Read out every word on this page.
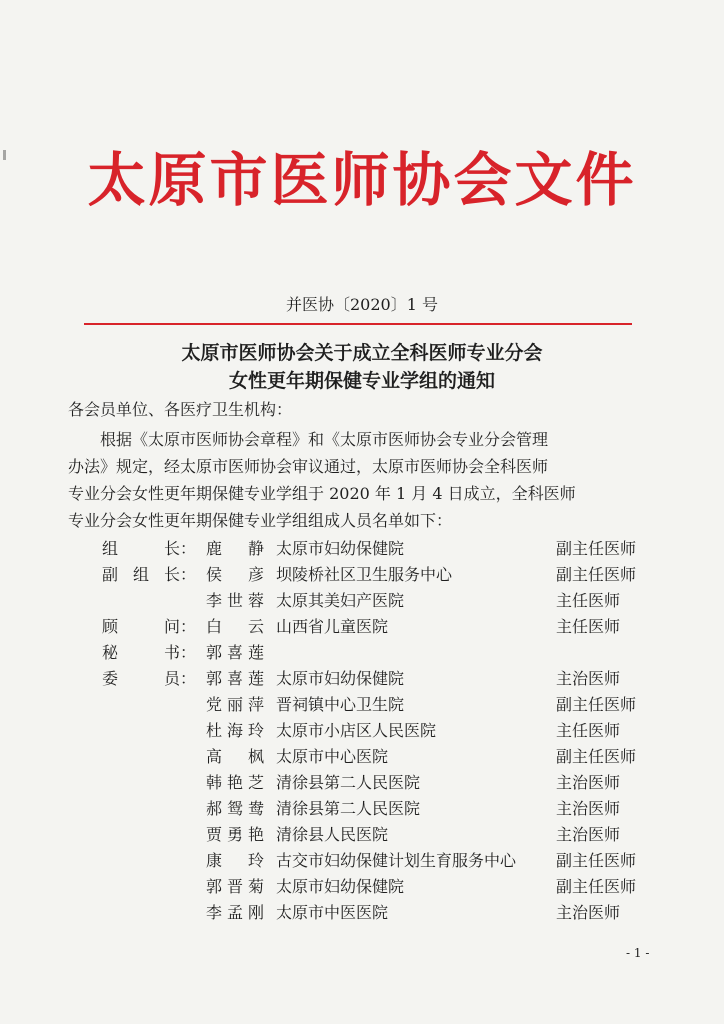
太原市医师协会文件
并医协〔2020〕1 号
太原市医师协会关于成立全科医师专业分会
女性更年期保健专业学组的通知
各会员单位、各医疗卫生机构：
根据《太原市医师协会章程》和《太原市医师协会专业分会管理
办法》规定，经太原市医师协会审议通过，太原市医师协会全科医师
专业分会女性更年期保健专业学组于 2020 年 1 月 4 日成立，全科医师
专业分会女性更年期保健专业学组组成人员名单如下：
组长 ： 鹿静 太原市妇幼保健院	副主任医师
副组长 ： 侯彦 坝陵桥社区卫生服务中心	副主任医师
李世蓉 太原其美妇产医院	主任医师
顾问 ： 白云 山西省儿童医院	主任医师
秘书 ： 郭喜莲
委员 ： 郭喜莲 太原市妇幼保健院	主治医师
党丽萍 晋祠镇中心卫生院	副主任医师
杜海玲 太原市小店区人民医院	主任医师
高枫 太原市中心医院	副主任医师
韩艳芝 清徐县第二人民医院	主治医师
郝鸳鸯 清徐县第二人民医院	主治医师
贾勇艳 清徐县人民医院	主治医师
康玲 古交市妇幼保健计划生育服务中心 副主任医师
郭晋菊 太原市妇幼保健院	副主任医师
李孟刚 太原市中医医院	主治医师
- 1 -
